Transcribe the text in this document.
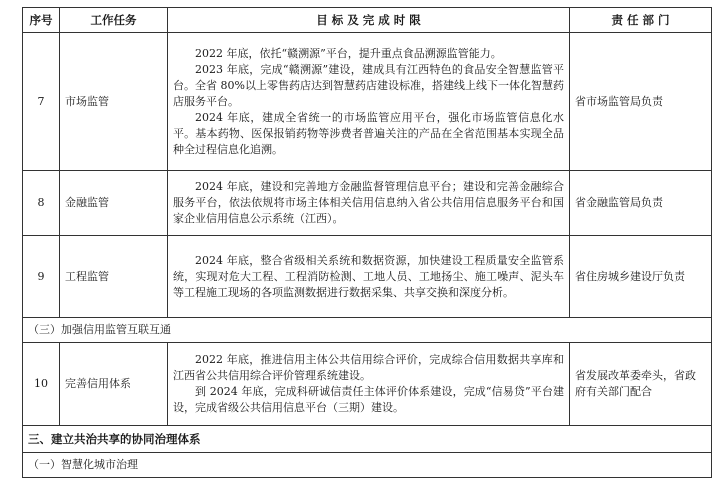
序号	工作任务	目 标 及 完 成 时 限	责 任 部 门
7	市场监管	2022 年底，依托“赣溯源”平台，提升重点食品溯源监管能力。

2023 年底，完成“赣溯源”建设，建成具有江西特色的食品安全智慧监管平台。全省 80%以上零售药店达到智慧药店建设标准，搭建线上线下一体化智慧药店服务平台。

2024 年底，建成全省统一的市场监管应用平台，强化市场监管信息化水平。基本药物、医保报销药物等涉费者普遍关注的产品在全省范围基本实现全品种全过程信息化追溯。	省市场监管局负责
8	金融监管	2024 年底，建设和完善地方金融监督管理信息平台；建设和完善金融综合服务平台，依法依规将市场主体相关信用信息纳入省公共信用信息服务平台和国家企业信用信息公示系统（江西）。	省金融监管局负责
9	工程监管	2024 年底，整合省级相关系统和数据资源，加快建设工程质量安全监管系统，实现对危大工程、工程消防检测、工地人员、工地扬尘、施工噪声、泥头车等工程施工现场的各项监测数据进行数据采集、共享交换和深度分析。	省住房城乡建设厅负责
（三）加强信用监管互联互通			
10	完善信用体系	2022 年底，推进信用主体公共信用综合评价，完成综合信用数据共享库和江西省公共信用综合评价管理系统建设。

到 2024 年底，完成科研诚信责任主体评价体系建设，完成“信易贷”平台建设，完成省级公共信用信息平台（三期）建设。	省发展改革委牵头，省政府有关部门配合
三、建立共治共享的协同治理体系			
（一）智慧化城市治理			
